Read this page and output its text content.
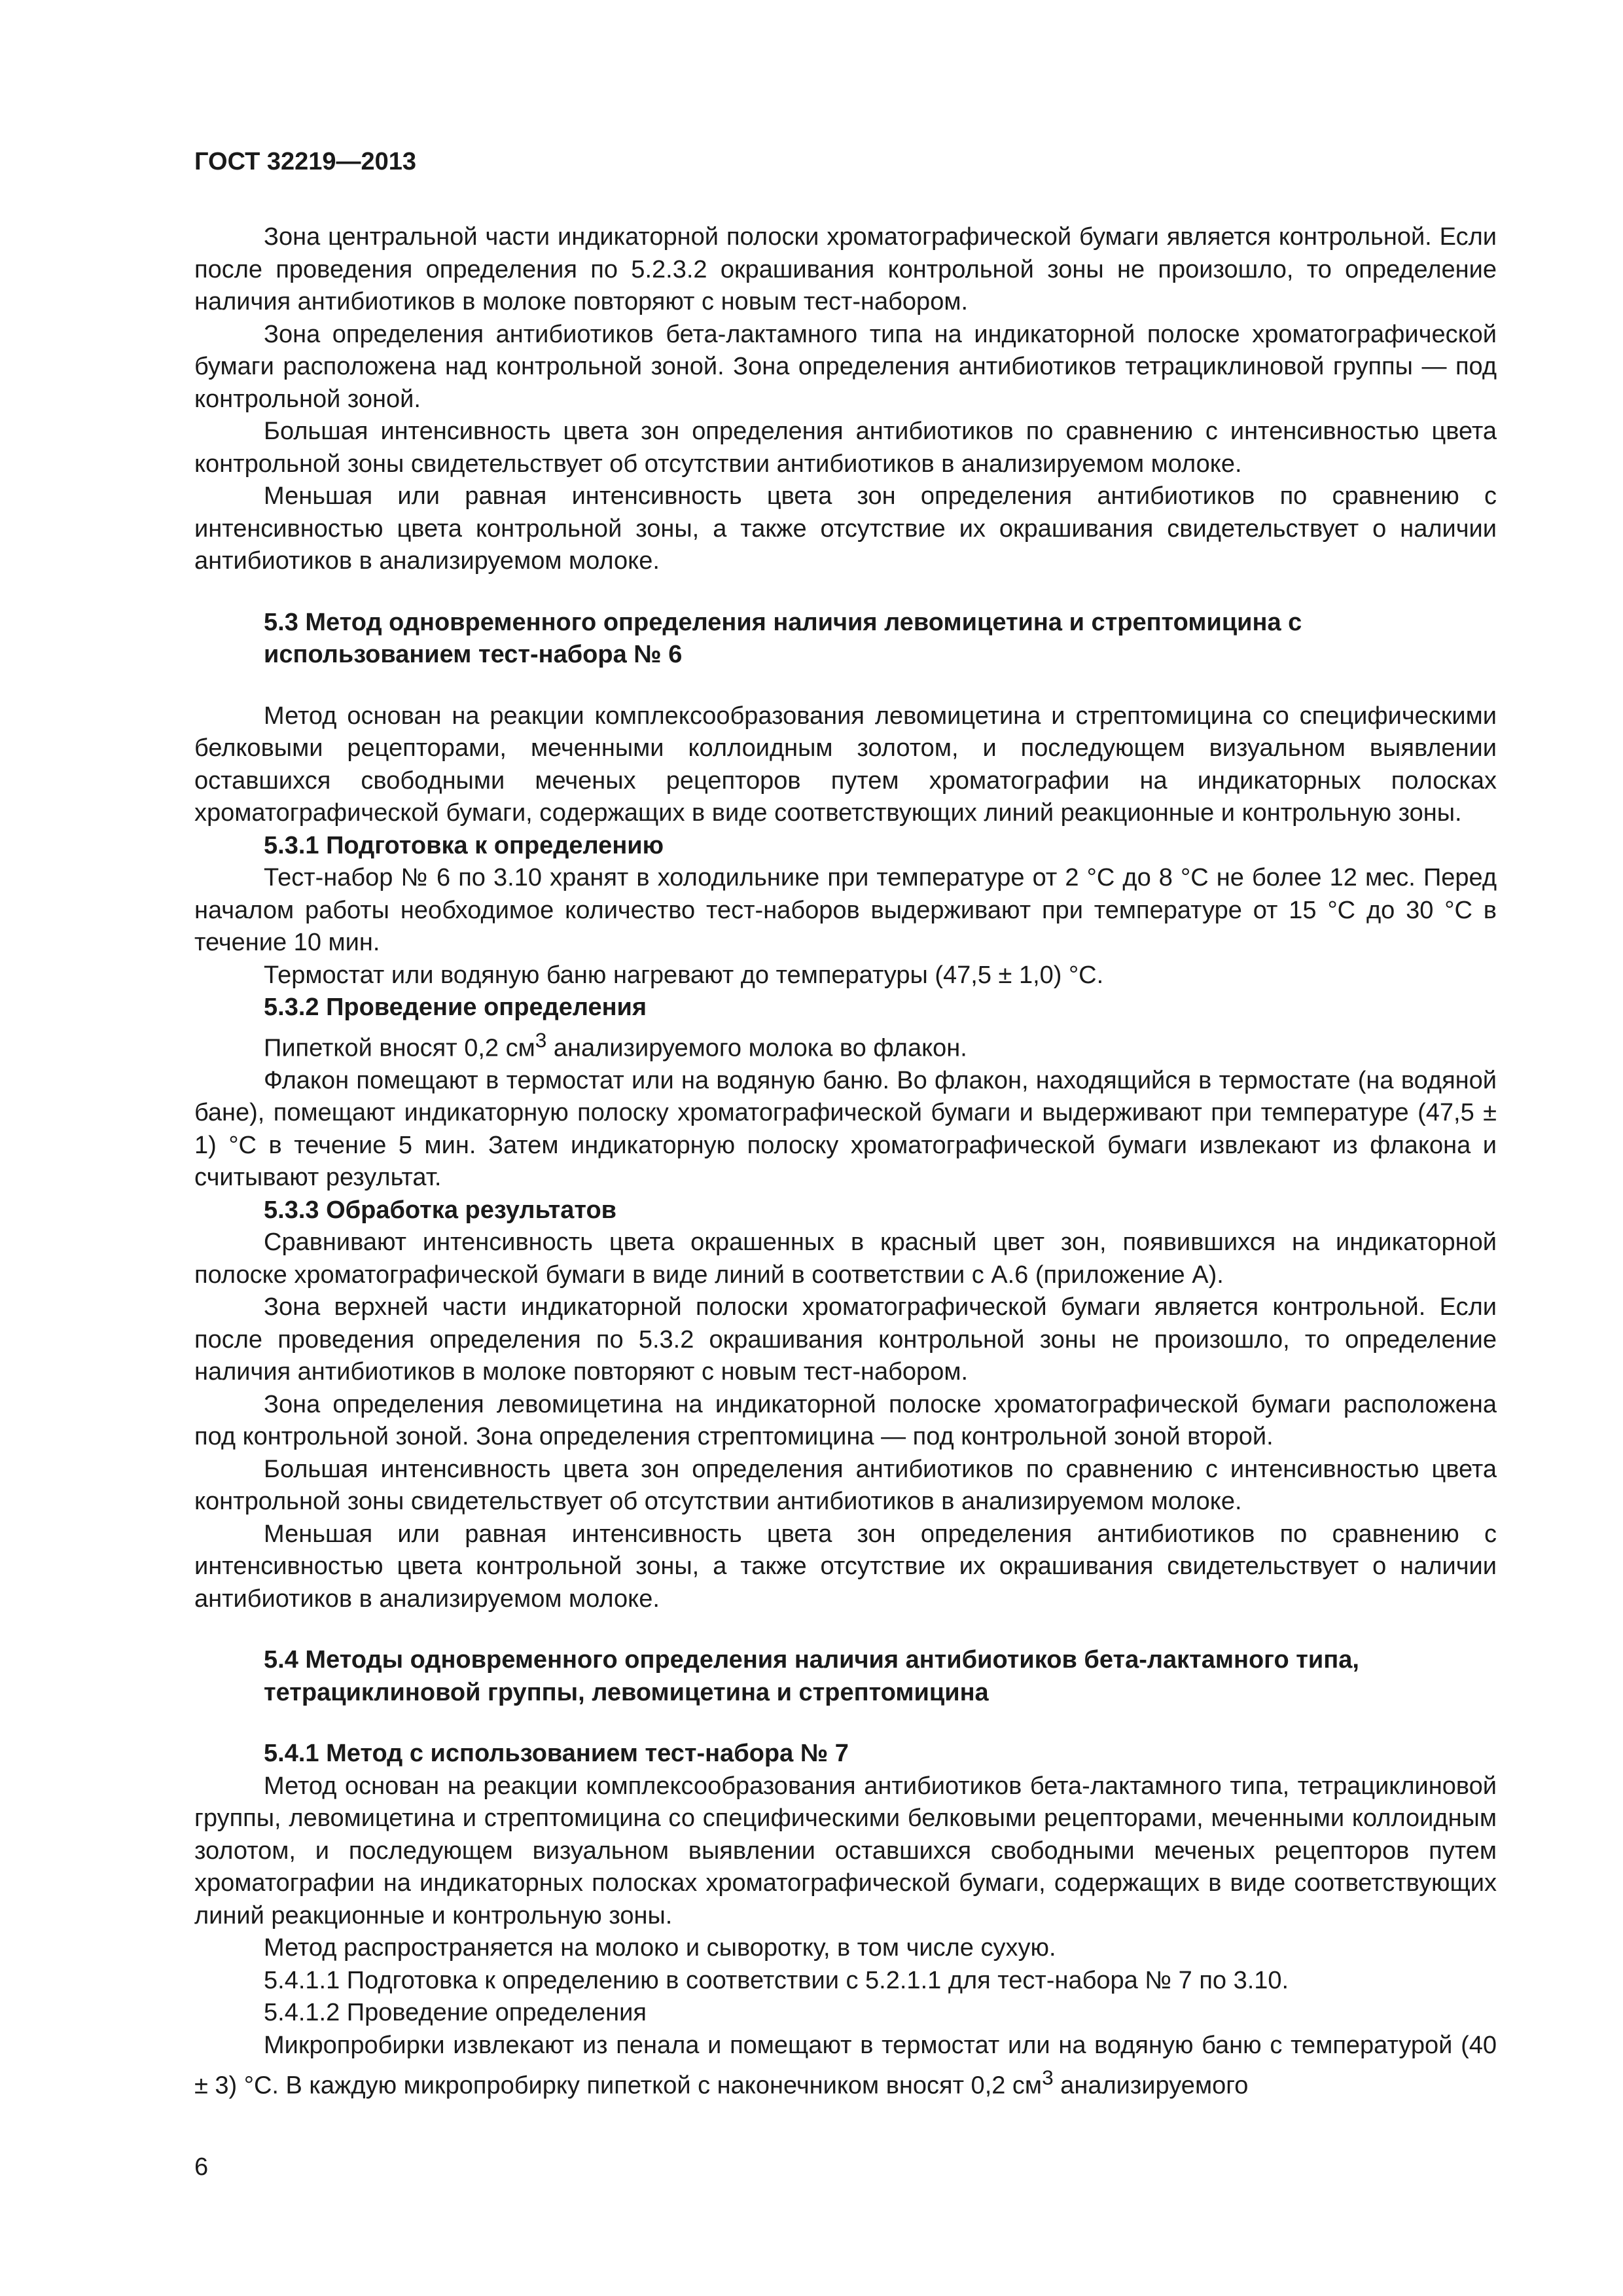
ГОСТ 32219—2013

Зона центральной части индикаторной полоски хроматографической бумаги является контрольной. Если после проведения определения по 5.2.3.2 окрашивания контрольной зоны не произошло, то определение наличия антибиотиков в молоке повторяют с новым тест-набором.

Зона определения антибиотиков бета-лактамного типа на индикаторной полоске хроматографической бумаги расположена над контрольной зоной. Зона определения антибиотиков тетрациклиновой группы — под контрольной зоной.

Большая интенсивность цвета зон определения антибиотиков по сравнению с интенсивностью цвета контрольной зоны свидетельствует об отсутствии антибиотиков в анализируемом молоке.

Меньшая или равная интенсивность цвета зон определения антибиотиков по сравнению с интенсивностью цвета контрольной зоны, а также отсутствие их окрашивания свидетельствует о наличии антибиотиков в анализируемом молоке.

5.3 Метод одновременного определения наличия левомицетина и стрептомицина с использованием тест-набора № 6

Метод основан на реакции комплексообразования левомицетина и стрептомицина со специфическими белковыми рецепторами, меченными коллоидным золотом, и последующем визуальном выявлении оставшихся свободными меченых рецепторов путем хроматографии на индикаторных полосках хроматографической бумаги, содержащих в виде соответствующих линий реакционные и контрольную зоны.

5.3.1 Подготовка к определению

Тест-набор № 6 по 3.10 хранят в холодильнике при температуре от 2 °С до 8 °С не более 12 мес. Перед началом работы необходимое количество тест-наборов выдерживают при температуре от 15 °С до 30 °С в течение 10 мин.

Термостат или водяную баню нагревают до температуры (47,5 ± 1,0) °С.

5.3.2 Проведение определения

Пипеткой вносят 0,2 $см^3$ анализируемого молока во флакон.

Флакон помещают в термостат или на водяную баню. Во флакон, находящийся в термостате (на водяной бане), помещают индикаторную полоску хроматографической бумаги и выдерживают при температуре (47,5 ± 1) °С в течение 5 мин. Затем индикаторную полоску хроматографической бумаги извлекают из флакона и считывают результат.

5.3.3 Обработка результатов

Сравнивают интенсивность цвета окрашенных в красный цвет зон, появившихся на индикаторной полоске хроматографической бумаги в виде линий в соответствии с А.6 (приложение А).

Зона верхней части индикаторной полоски хроматографической бумаги является контрольной. Если после проведения определения по 5.3.2 окрашивания контрольной зоны не произошло, то определение наличия антибиотиков в молоке повторяют с новым тест-набором.

Зона определения левомицетина на индикаторной полоске хроматографической бумаги расположена под контрольной зоной. Зона определения стрептомицина — под контрольной зоной второй.

Большая интенсивность цвета зон определения антибиотиков по сравнению с интенсивностью цвета контрольной зоны свидетельствует об отсутствии антибиотиков в анализируемом молоке.

Меньшая или равная интенсивность цвета зон определения антибиотиков по сравнению с интенсивностью цвета контрольной зоны, а также отсутствие их окрашивания свидетельствует о наличии антибиотиков в анализируемом молоке.

5.4 Методы одновременного определения наличия антибиотиков бета-лактамного типа, тетрациклиновой группы, левомицетина и стрептомицина
5.4.1 Метод с использованием тест-набора № 7

Метод основан на реакции комплексообразования антибиотиков бета-лактамного типа, тетрациклиновой группы, левомицетина и стрептомицина со специфическими белковыми рецепторами, меченными коллоидным золотом, и последующем визуальном выявлении оставшихся свободными меченых рецепторов путем хроматографии на индикаторных полосках хроматографической бумаги, содержащих в виде соответствующих линий реакционные и контрольную зоны.

Метод распространяется на молоко и сыворотку, в том числе сухую.

5.4.1.1 Подготовка к определению в соответствии с 5.2.1.1 для тест-набора № 7 по 3.10.

5.4.1.2 Проведение определения

Микропробирки извлекают из пенала и помещают в термостат или на водяную баню с температурой (40 ± 3) °С. В каждую микропробирку пипеткой с наконечником вносят 0,2 $см^3$ анализируемого

6
